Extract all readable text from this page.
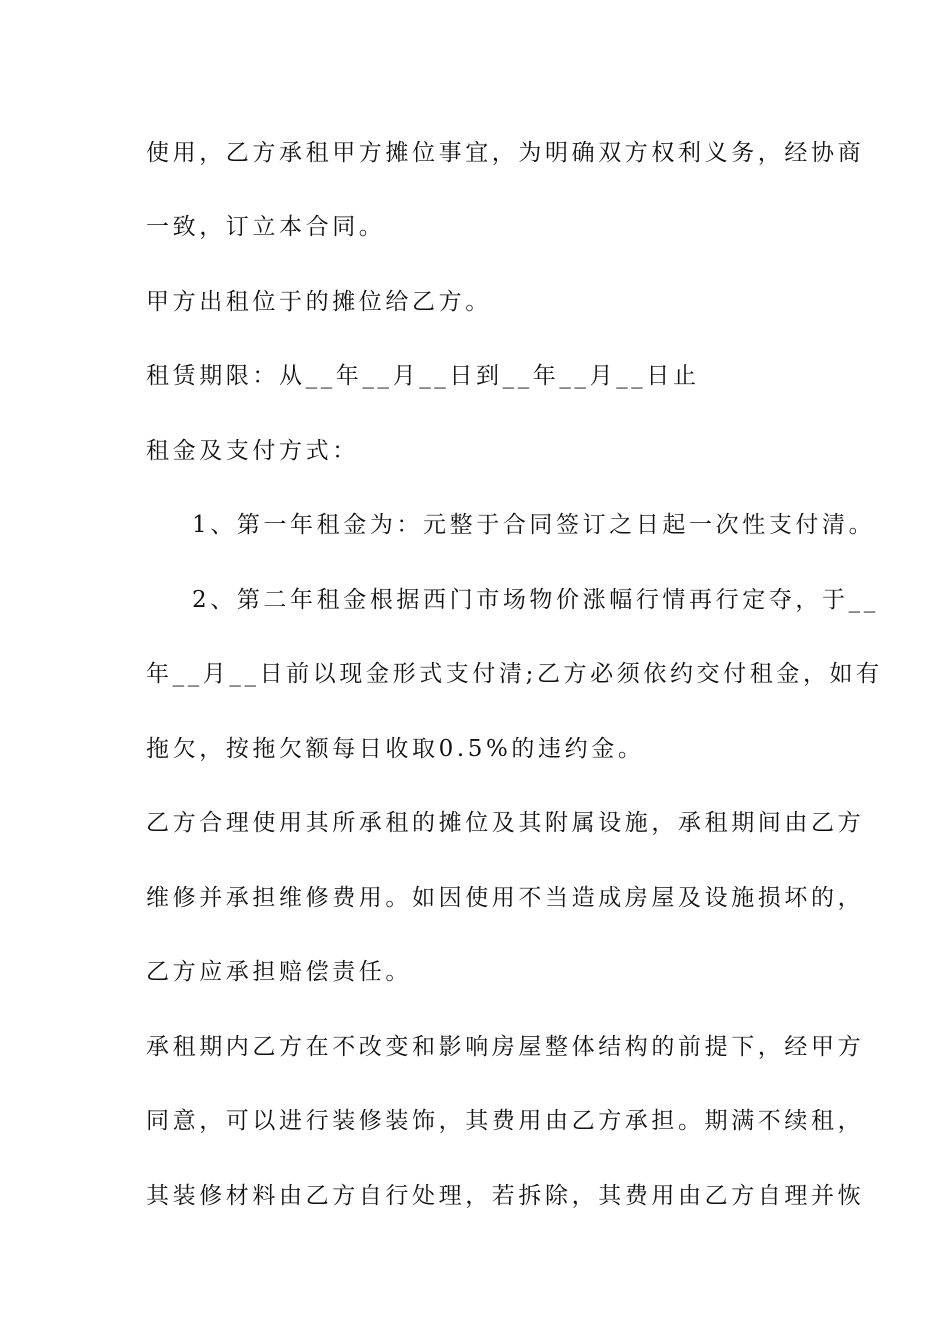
使用，乙方承租甲方摊位事宜，为明确双方权利义务，经协商

一致，订立本合同。

甲方出租位于的摊位给乙方。

租赁期限：从__年__月__日到__年__月__日止

租金及支付方式：

1、第一年租金为：元整于合同签订之日起一次性支付清。

2、第二年租金根据西门市场物价涨幅行情再行定夺，于__

年__月__日前以现金形式支付清;乙方必须依约交付租金，如有

拖欠，按拖欠额每日收取0.5%的违约金。

乙方合理使用其所承租的摊位及其附属设施，承租期间由乙方

维修并承担维修费用。如因使用不当造成房屋及设施损坏的，

乙方应承担赔偿责任。

承租期内乙方在不改变和影响房屋整体结构的前提下，经甲方

同意，可以进行装修装饰，其费用由乙方承担。期满不续租，

其装修材料由乙方自行处理，若拆除，其费用由乙方自理并恢
